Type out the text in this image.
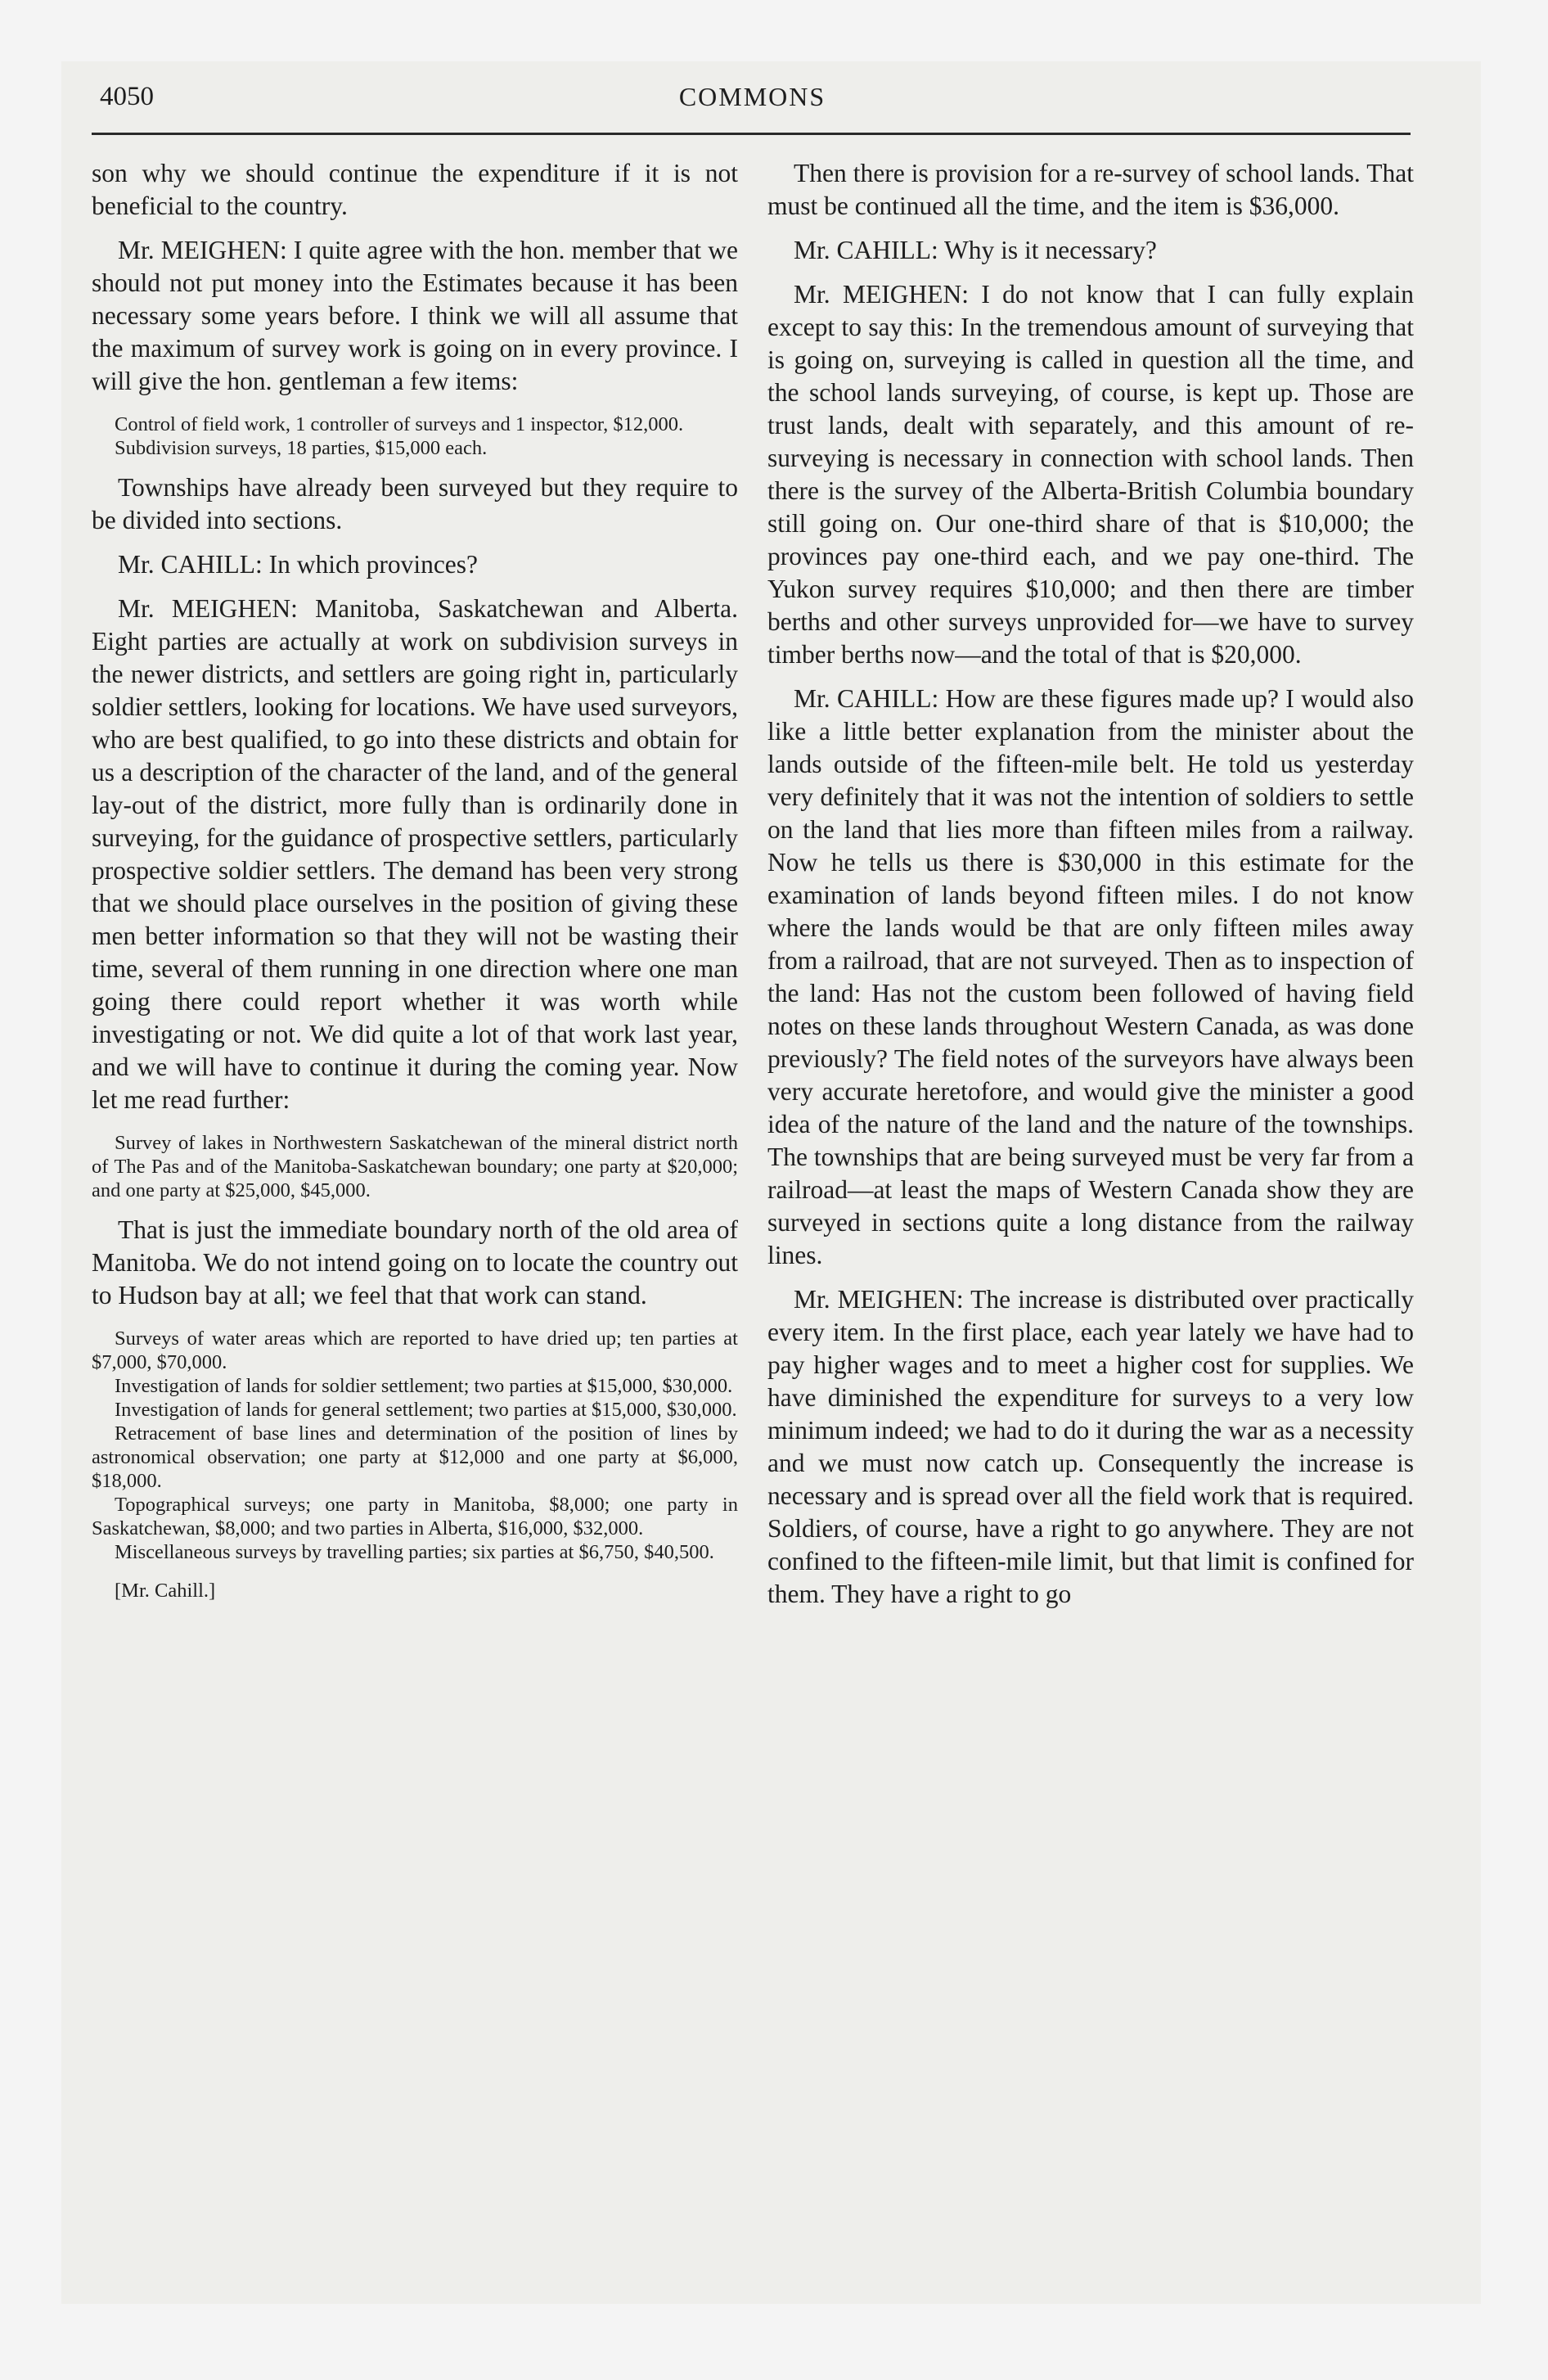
4050	COMMONS

son why we should continue the expenditure if it is not beneficial to the country.

Mr. MEIGHEN: I quite agree with the hon. member that we should not put money into the Estimates because it has been necessary some years before. I think we will all assume that the maximum of survey work is going on in every province. I will give the hon. gentleman a few items:

Control of field work, 1 controller of surveys and 1 inspector, $12,000.

Subdivision surveys, 18 parties, $15,000 each.

Townships have already been surveyed but they require to be divided into sections.

Mr. CAHILL: In which provinces?

Mr. MEIGHEN: Manitoba, Saskatchewan and Alberta. Eight parties are actually at work on subdivision surveys in the newer districts, and settlers are going right in, particularly soldier settlers, looking for locations. We have used surveyors, who are best qualified, to go into these districts and obtain for us a description of the character of the land, and of the general lay-out of the district, more fully than is ordinarily done in surveying, for the guidance of prospective settlers, particularly prospective soldier settlers. The demand has been very strong that we should place ourselves in the position of giving these men better information so that they will not be wasting their time, several of them running in one direction where one man going there could report whether it was worth while investigating or not. We did quite a lot of that work last year, and we will have to continue it during the coming year. Now let me read further:

Survey of lakes in Northwestern Saskatchewan of the mineral district north of The Pas and of the Manitoba-Saskatchewan boundary; one party at $20,000; and one party at $25,000, $45,000.

That is just the immediate boundary north of the old area of Manitoba. We do not intend going on to locate the country out to Hudson bay at all; we feel that that work can stand.

Surveys of water areas which are reported to have dried up; ten parties at $7,000, $70,000.

Investigation of lands for soldier settlement; two parties at $15,000, $30,000.

Investigation of lands for general settlement; two parties at $15,000, $30,000.

Retracement of base lines and determination of the position of lines by astronomical observation; one party at $12,000 and one party at $6,000, $18,000.

Topographical surveys; one party in Manitoba, $8,000; one party in Saskatchewan, $8,000; and two parties in Alberta, $16,000, $32,000.

Miscellaneous surveys by travelling parties; six parties at $6,750, $40,500.

[Mr. Cahill.]

Then there is provision for a re-survey of school lands. That must be continued all the time, and the item is $36,000.

Mr. CAHILL: Why is it necessary?

Mr. MEIGHEN: I do not know that I can fully explain except to say this: In the tremendous amount of surveying that is going on, surveying is called in question all the time, and the school lands surveying, of course, is kept up. Those are trust lands, dealt with separately, and this amount of re-surveying is necessary in connection with school lands. Then there is the survey of the Alberta-British Columbia boundary still going on. Our one-third share of that is $10,000; the provinces pay one-third each, and we pay one-third. The Yukon survey requires $10,000; and then there are timber berths and other surveys unprovided for—we have to survey timber berths now—and the total of that is $20,000.

Mr. CAHILL: How are these figures made up? I would also like a little better explanation from the minister about the lands outside of the fifteen-mile belt. He told us yesterday very definitely that it was not the intention of soldiers to settle on the land that lies more than fifteen miles from a railway. Now he tells us there is $30,000 in this estimate for the examination of lands beyond fifteen miles. I do not know where the lands would be that are only fifteen miles away from a railroad, that are not surveyed. Then as to inspection of the land: Has not the custom been followed of having field notes on these lands throughout Western Canada, as was done previously? The field notes of the surveyors have always been very accurate heretofore, and would give the minister a good idea of the nature of the land and the nature of the townships. The townships that are being surveyed must be very far from a railroad—at least the maps of Western Canada show they are surveyed in sections quite a long distance from the railway lines.

Mr. MEIGHEN: The increase is distributed over practically every item. In the first place, each year lately we have had to pay higher wages and to meet a higher cost for supplies. We have diminished the expenditure for surveys to a very low minimum indeed; we had to do it during the war as a necessity and we must now catch up. Consequently the increase is necessary and is spread over all the field work that is required. Soldiers, of course, have a right to go anywhere. They are not confined to the fifteen-mile limit, but that limit is confined for them. They have a right to go
